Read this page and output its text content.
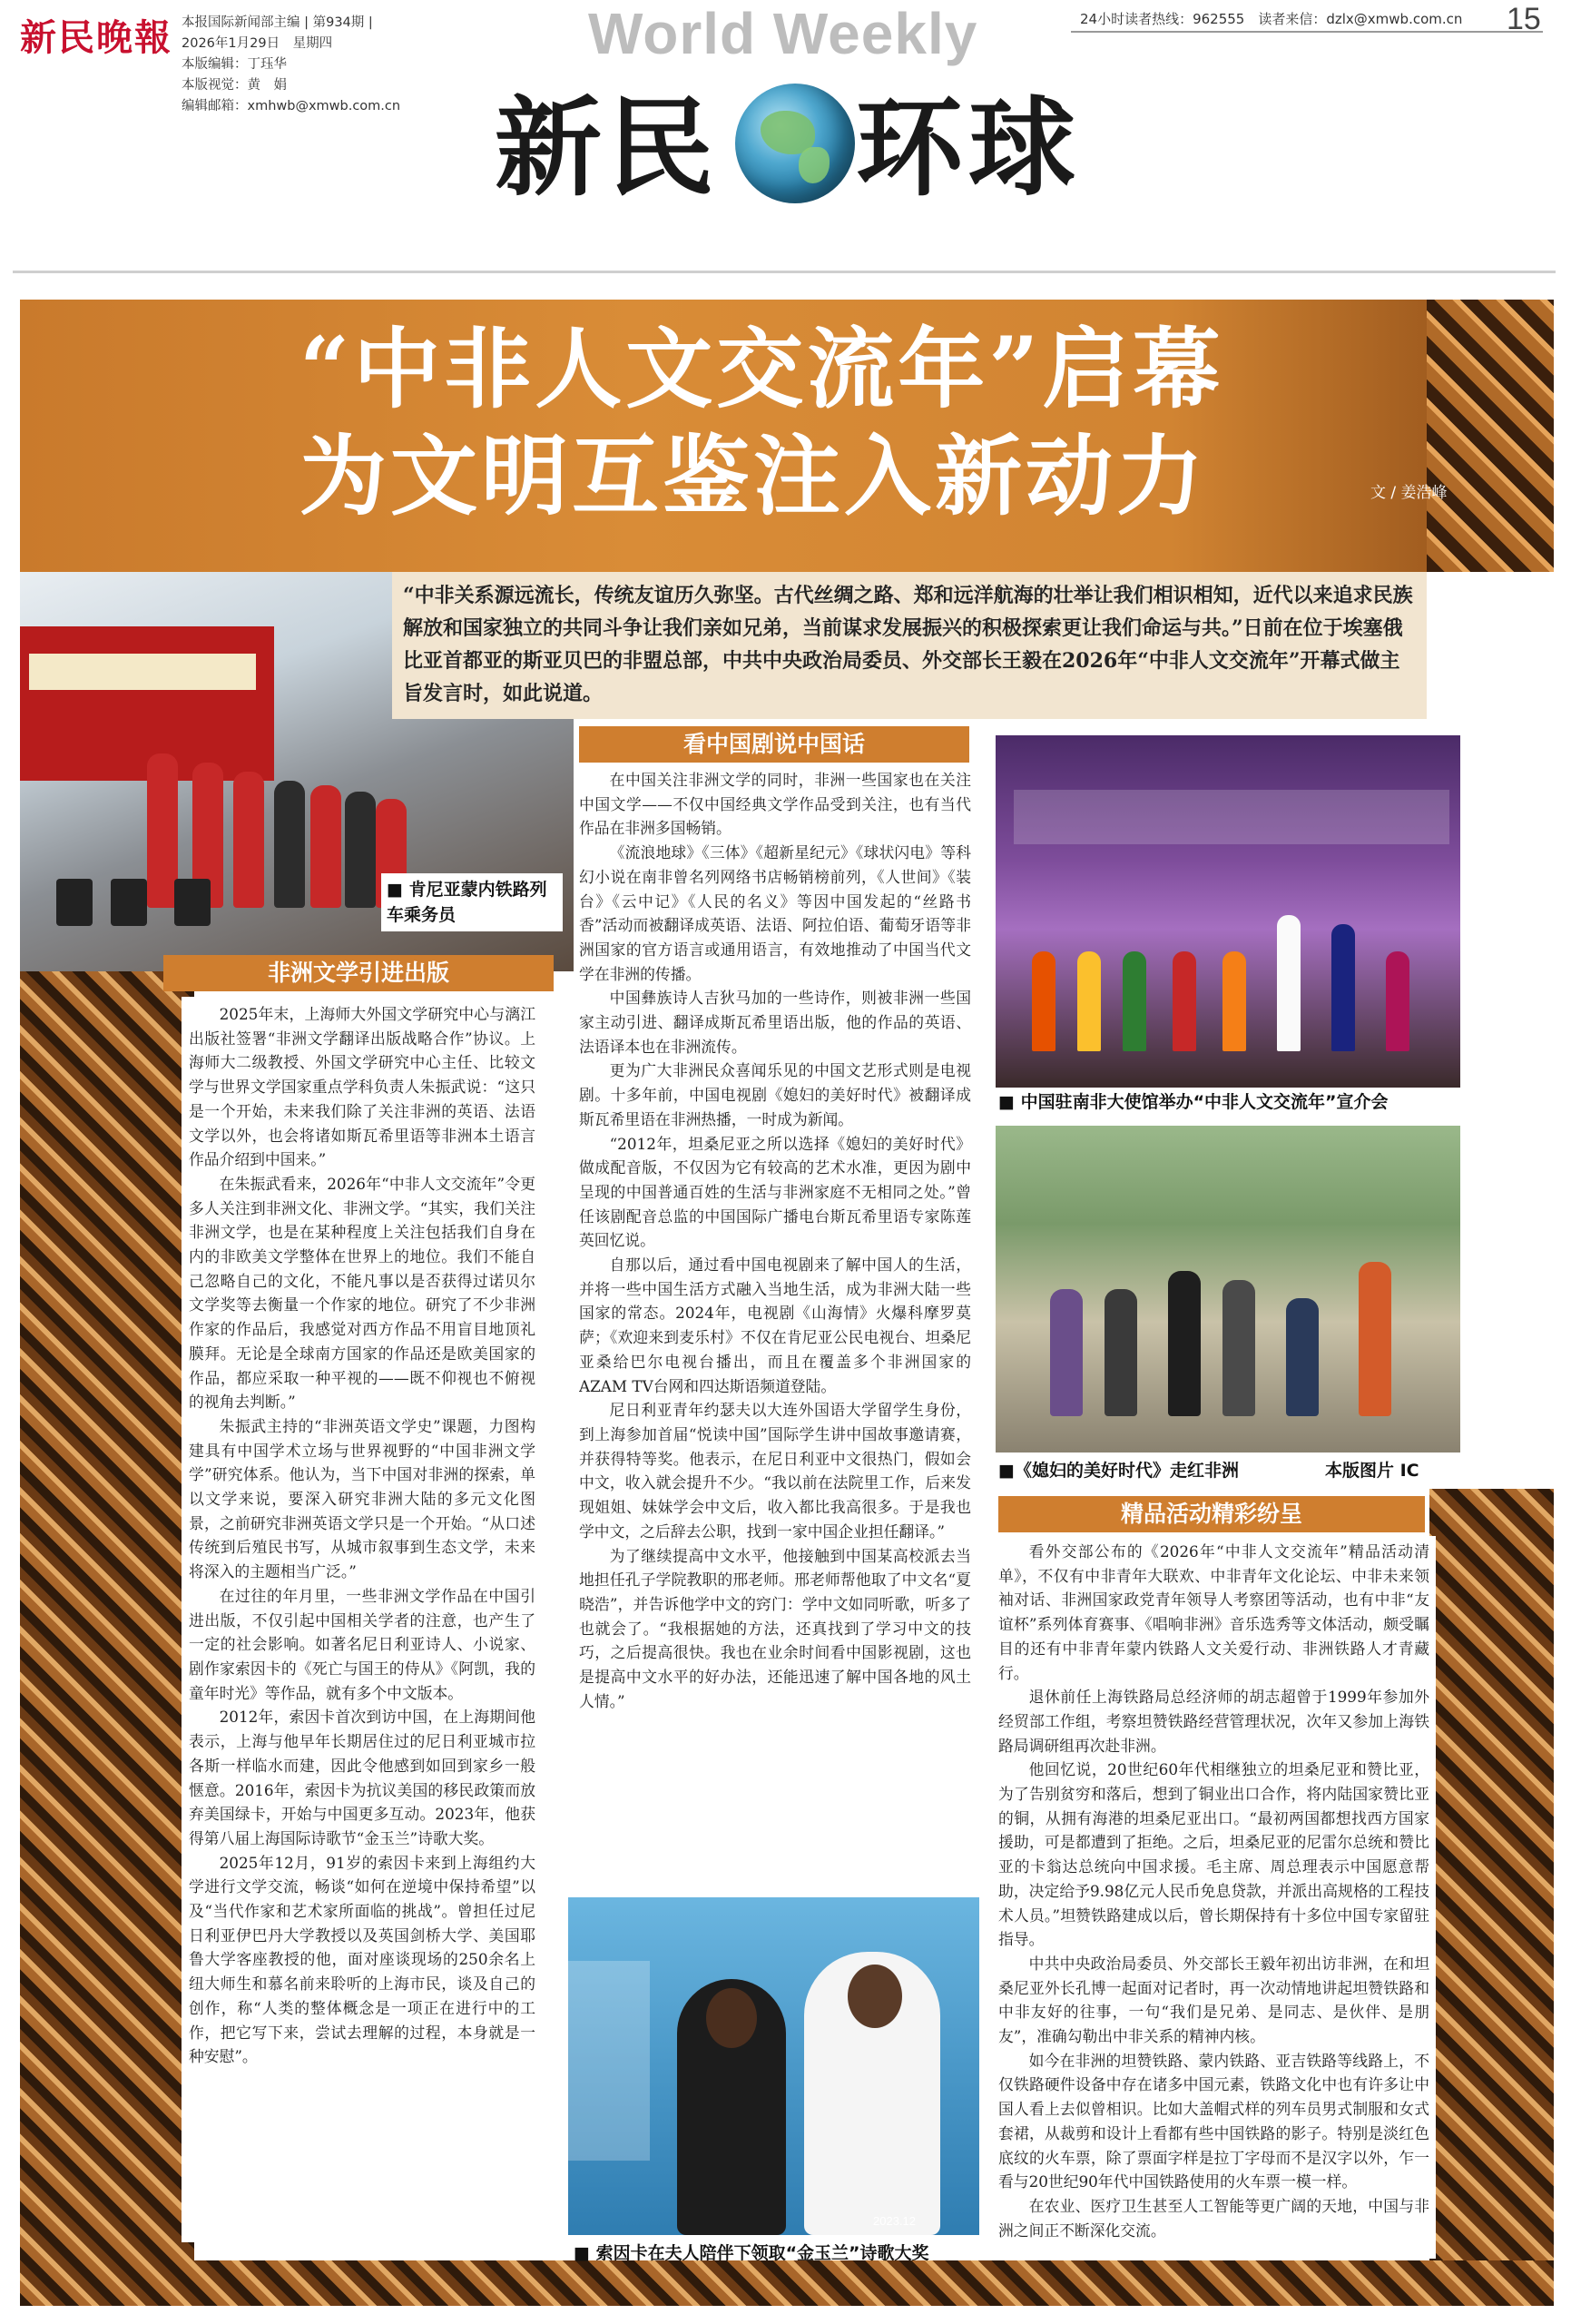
新民晚報 本报国际新闻部主编 | 第934期 |
2026年1月29日　星期四
本版编辑：丁珏华
本版视觉：黄　娟
编辑邮箱：xmhwb@xmwb.com.cn
World Weekly
新民 环球
24小时读者热线：962555　读者来信：dzlx@xmwb.com.cn 15
“中非人文交流年”启幕
为文明互鉴注入新动力	文 / 姜浩峰
■ 肯尼亚蒙内铁路列车乘务员
“中非关系源远流长，传统友谊历久弥坚。古代丝绸之路、郑和远洋航海的壮举让我们相识相知，近代以来追求民族解放和国家独立的共同斗争让我们亲如兄弟，当前谋求发展振兴的积极探索更让我们命运与共。”日前在位于埃塞俄比亚首都亚的斯亚贝巴的非盟总部，中共中央政治局委员、外交部长王毅在2026年“中非人文交流年”开幕式做主旨发言时，如此说道。
看中国剧说中国话

在中国关注非洲文学的同时，非洲一些国家也在关注中国文学——不仅中国经典文学作品受到关注，也有当代作品在非洲多国畅销。

《流浪地球》《三体》《超新星纪元》《球状闪电》等科幻小说在南非曾名列网络书店畅销榜前列，《人世间》《装台》《云中记》《人民的名义》等因中国发起的“丝路书香”活动而被翻译成英语、法语、阿拉伯语、葡萄牙语等非洲国家的官方语言或通用语言，有效地推动了中国当代文学在非洲的传播。

中国彝族诗人吉狄马加的一些诗作，则被非洲一些国家主动引进、翻译成斯瓦希里语出版，他的作品的英语、法语译本也在非洲流传。

更为广大非洲民众喜闻乐见的中国文艺形式则是电视剧。十多年前，中国电视剧《媳妇的美好时代》被翻译成斯瓦希里语在非洲热播，一时成为新闻。

“2012年，坦桑尼亚之所以选择《媳妇的美好时代》做成配音版，不仅因为它有较高的艺术水准，更因为剧中呈现的中国普通百姓的生活与非洲家庭不无相同之处。”曾任该剧配音总监的中国国际广播电台斯瓦希里语专家陈莲英回忆说。

自那以后，通过看中国电视剧来了解中国人的生活，并将一些中国生活方式融入当地生活，成为非洲大陆一些国家的常态。2024年，电视剧《山海情》火爆科摩罗莫萨；《欢迎来到麦乐村》不仅在肯尼亚公民电视台、坦桑尼亚桑给巴尔电视台播出，而且在覆盖多个非洲国家的AZAM TV台网和四达斯语频道登陆。

尼日利亚青年约瑟夫以大连外国语大学留学生身份，到上海参加首届“悦读中国”国际学生讲中国故事邀请赛，并获得特等奖。他表示，在尼日利亚中文很热门，假如会中文，收入就会提升不少。“我以前在法院里工作，后来发现姐姐、妹妹学会中文后，收入都比我高很多。于是我也学中文，之后辞去公职，找到一家中国企业担任翻译。”

为了继续提高中文水平，他接触到中国某高校派去当地担任孔子学院教职的邢老师。邢老师帮他取了中文名“夏晓浩”，并告诉他学中文的窍门：学中文如同听歌，听多了也就会了。“我根据她的方法，还真找到了学习中文的技巧，之后提高很快。我也在业余时间看中国影视剧，这也是提高中文水平的好办法，还能迅速了解中国各地的风土人情。”

非洲文学引进出版

2025年末，上海师大外国文学研究中心与漓江出版社签署“非洲文学翻译出版战略合作”协议。上海师大二级教授、外国文学研究中心主任、比较文学与世界文学国家重点学科负责人朱振武说：“这只是一个开始，未来我们除了关注非洲的英语、法语文学以外，也会将诸如斯瓦希里语等非洲本土语言作品介绍到中国来。”

在朱振武看来，2026年“中非人文交流年”令更多人关注到非洲文化、非洲文学。“其实，我们关注非洲文学，也是在某种程度上关注包括我们自身在内的非欧美文学整体在世界上的地位。我们不能自己忽略自己的文化，不能凡事以是否获得过诺贝尔文学奖等去衡量一个作家的地位。研究了不少非洲作家的作品后，我感觉对西方作品不用盲目地顶礼膜拜。无论是全球南方国家的作品还是欧美国家的作品，都应采取一种平视的——既不仰视也不俯视的视角去判断。”

朱振武主持的“非洲英语文学史”课题，力图构建具有中国学术立场与世界视野的“中国非洲文学学”研究体系。他认为，当下中国对非洲的探索，单以文学来说，要深入研究非洲大陆的多元文化图景，之前研究非洲英语文学只是一个开始。“从口述传统到后殖民书写，从城市叙事到生态文学，未来将深入的主题相当广泛。”

在过往的年月里，一些非洲文学作品在中国引进出版，不仅引起中国相关学者的注意，也产生了一定的社会影响。如著名尼日利亚诗人、小说家、剧作家索因卡的《死亡与国王的侍从》《阿凯，我的童年时光》等作品，就有多个中文版本。

2012年，索因卡首次到访中国，在上海期间他表示，上海与他早年长期居住过的尼日利亚城市拉各斯一样临水而建，因此令他感到如回到家乡一般惬意。2016年，索因卡为抗议美国的移民政策而放弃美国绿卡，开始与中国更多互动。2023年，他获得第八届上海国际诗歌节“金玉兰”诗歌大奖。

2025年12月，91岁的索因卡来到上海组约大学进行文学交流，畅谈“如何在逆境中保持希望”以及“当代作家和艺术家所面临的挑战”。曾担任过尼日利亚伊巴丹大学教授以及英国剑桥大学、美国耶鲁大学客座教授的他，面对座谈现场的250余名上纽大师生和慕名前来聆听的上海市民，谈及自己的创作，称“人类的整体概念是一项正在进行中的工作，把它写下来，尝试去理解的过程，本身就是一种安慰”。

■ 中国驻南非大使馆举办“中非人文交流年”宣介会
■《媳妇的美好时代》走红非洲	本版图片 IC
精品活动精彩纷呈

看外交部公布的《2026年“中非人文交流年”精品活动清单》，不仅有中非青年大联欢、中非青年文化论坛、中非未来领袖对话、非洲国家政党青年领导人考察团等活动，也有中非“友谊杯”系列体育赛事、《唱响非洲》音乐选秀等文体活动，颇受瞩目的还有中非青年蒙内铁路人文关爱行动、非洲铁路人才青藏行。

退休前任上海铁路局总经济师的胡志超曾于1999年参加外经贸部工作组，考察坦赞铁路经营管理状况，次年又参加上海铁路局调研组再次赴非洲。

他回忆说，20世纪60年代相继独立的坦桑尼亚和赞比亚，为了告别贫穷和落后，想到了铜业出口合作，将内陆国家赞比亚的铜，从拥有海港的坦桑尼亚出口。“最初两国都想找西方国家援助，可是都遭到了拒绝。之后，坦桑尼亚的尼雷尔总统和赞比亚的卡翁达总统向中国求援。毛主席、周总理表示中国愿意帮助，决定给予9.98亿元人民币免息贷款，并派出高规格的工程技术人员。”坦赞铁路建成以后，曾长期保持有十多位中国专家留驻指导。

中共中央政治局委员、外交部长王毅年初出访非洲，在和坦桑尼亚外长孔博一起面对记者时，再一次动情地讲起坦赞铁路和中非友好的往事，一句“我们是兄弟、是同志、是伙伴、是朋友”，准确勾勒出中非关系的精神内核。

如今在非洲的坦赞铁路、蒙内铁路、亚吉铁路等线路上，不仅铁路硬件设备中存在诸多中国元素，铁路文化中也有许多让中国人看上去似曾相识。比如大盖帽式样的列车员男式制服和女式套裙，从裁剪和设计上看都有些中国铁路的影子。特别是淡红色底纹的火车票，除了票面字样是拉丁字母而不是汉字以外，乍一看与20世纪90年代中国铁路使用的火车票一模一样。

在农业、医疗卫生甚至人工智能等更广阔的天地，中国与非洲之间正不断深化交流。

2023.12
■ 索因卡在夫人陪伴下领取“金玉兰”诗歌大奖
